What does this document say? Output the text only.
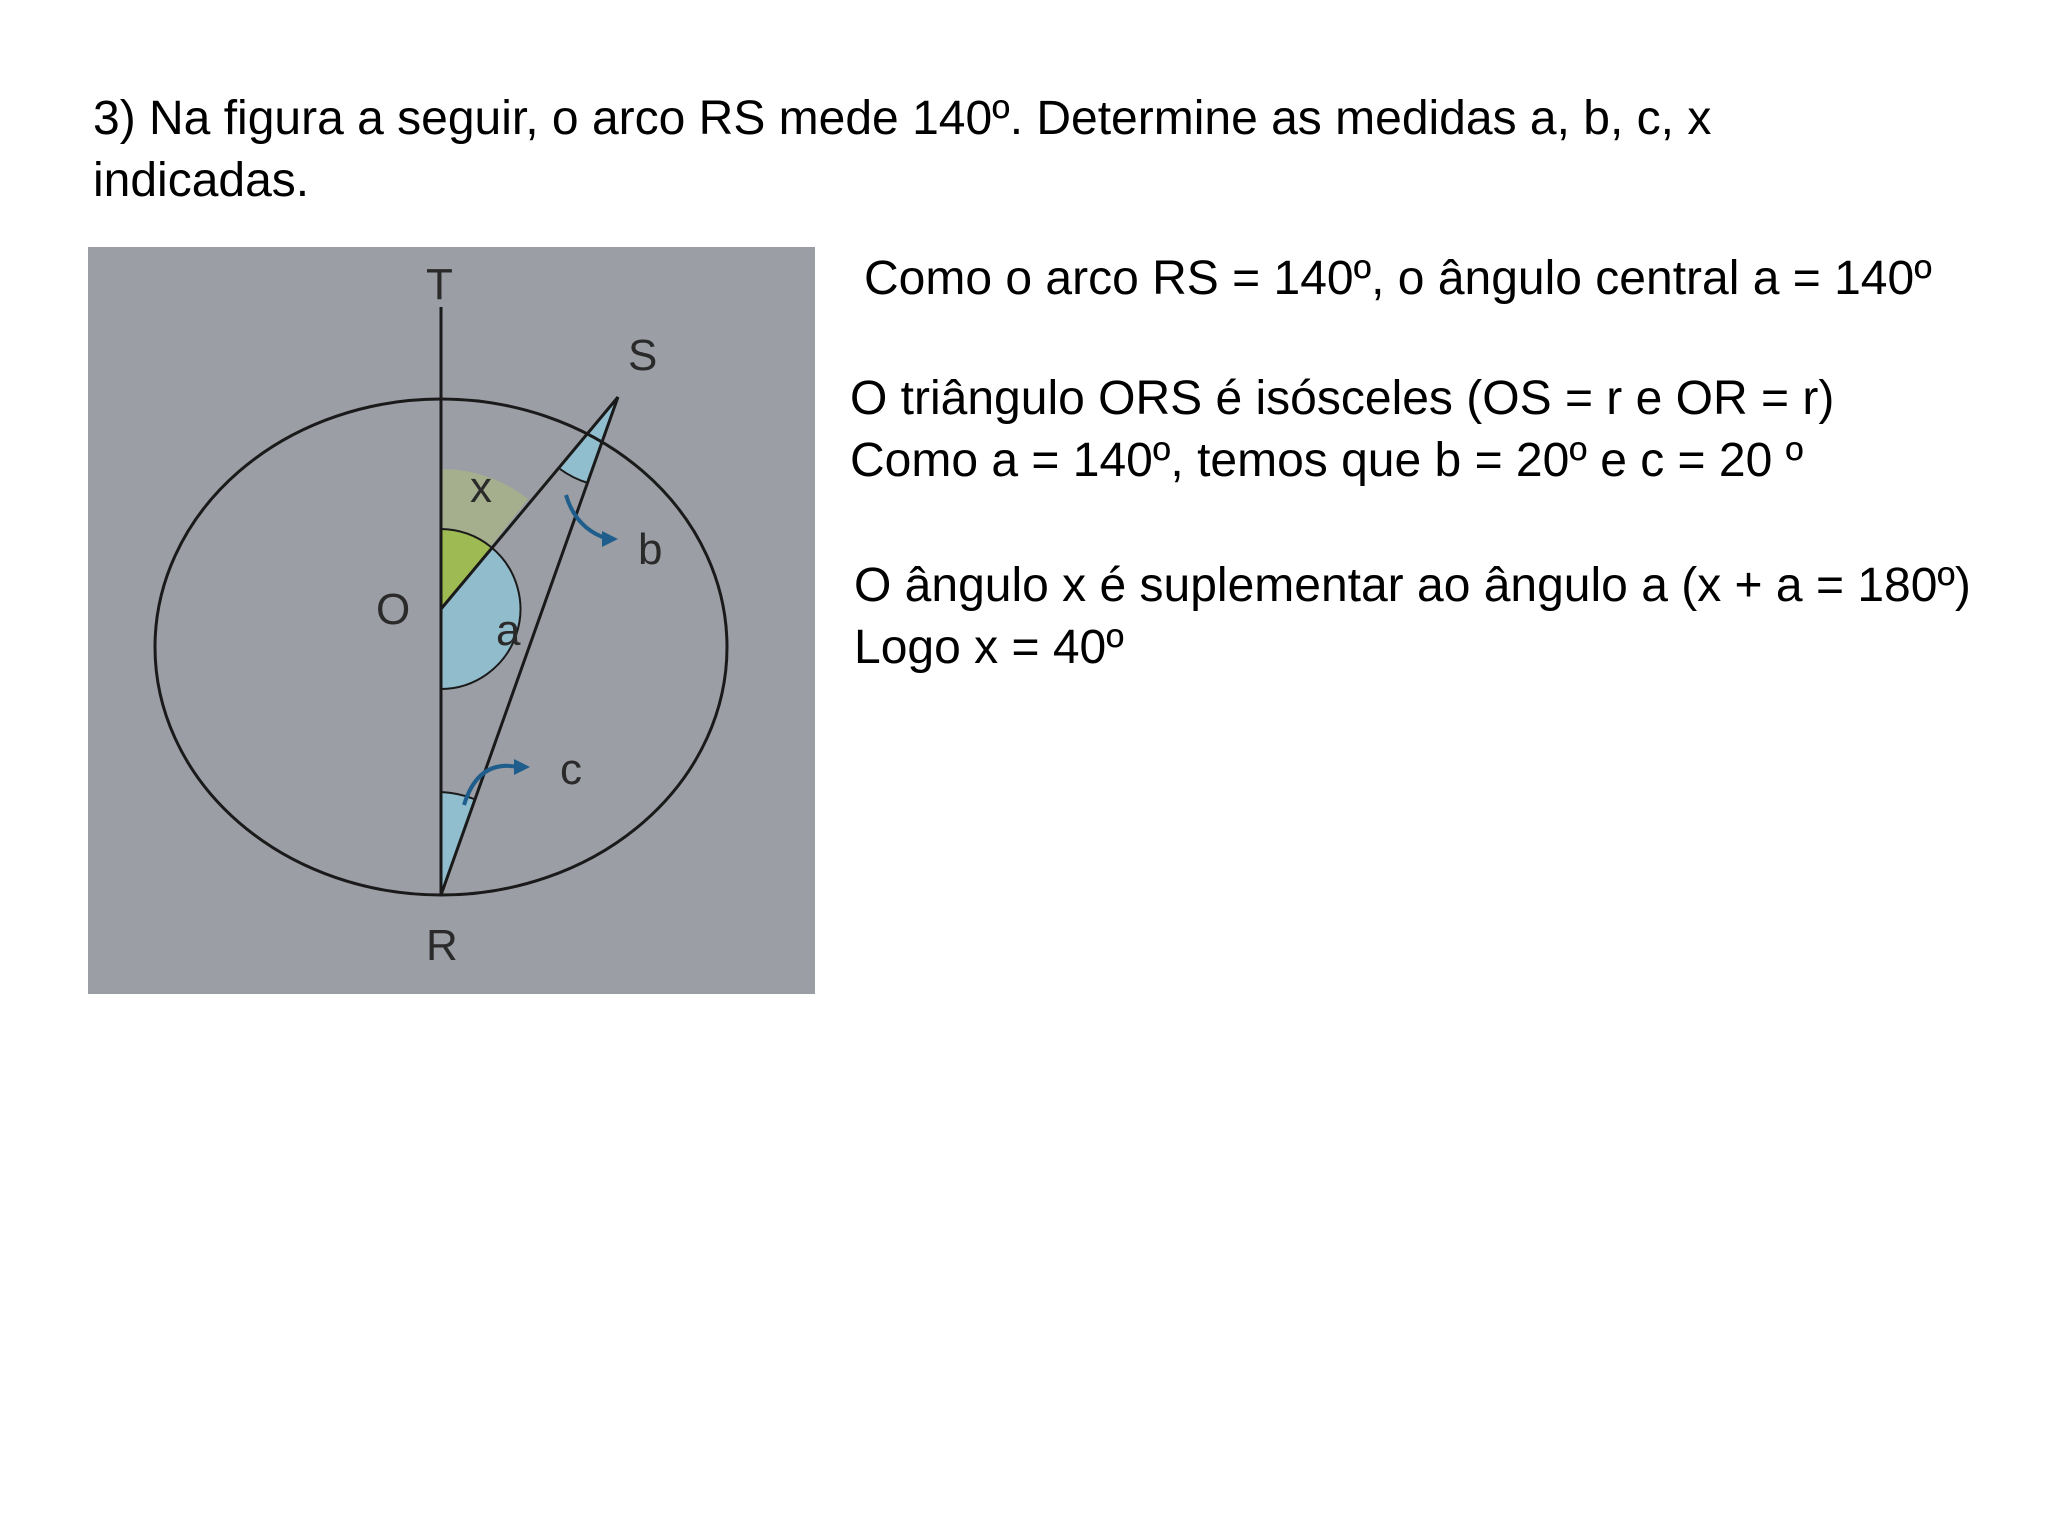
3) Na figura a seguir, o arco RS mede 140º. Determine as medidas a, b, c, x
indicadas.
T
S
O
R
x
a
b
c

Como o arco RS = 140º, o ângulo central a = 140º

O triângulo ORS é isósceles (OS = r e OR = r)
Como a = 140º, temos que b = 20º e c = 20 º

O ângulo x é suplementar ao ângulo a (x + a = 180º)
Logo x = 40º
